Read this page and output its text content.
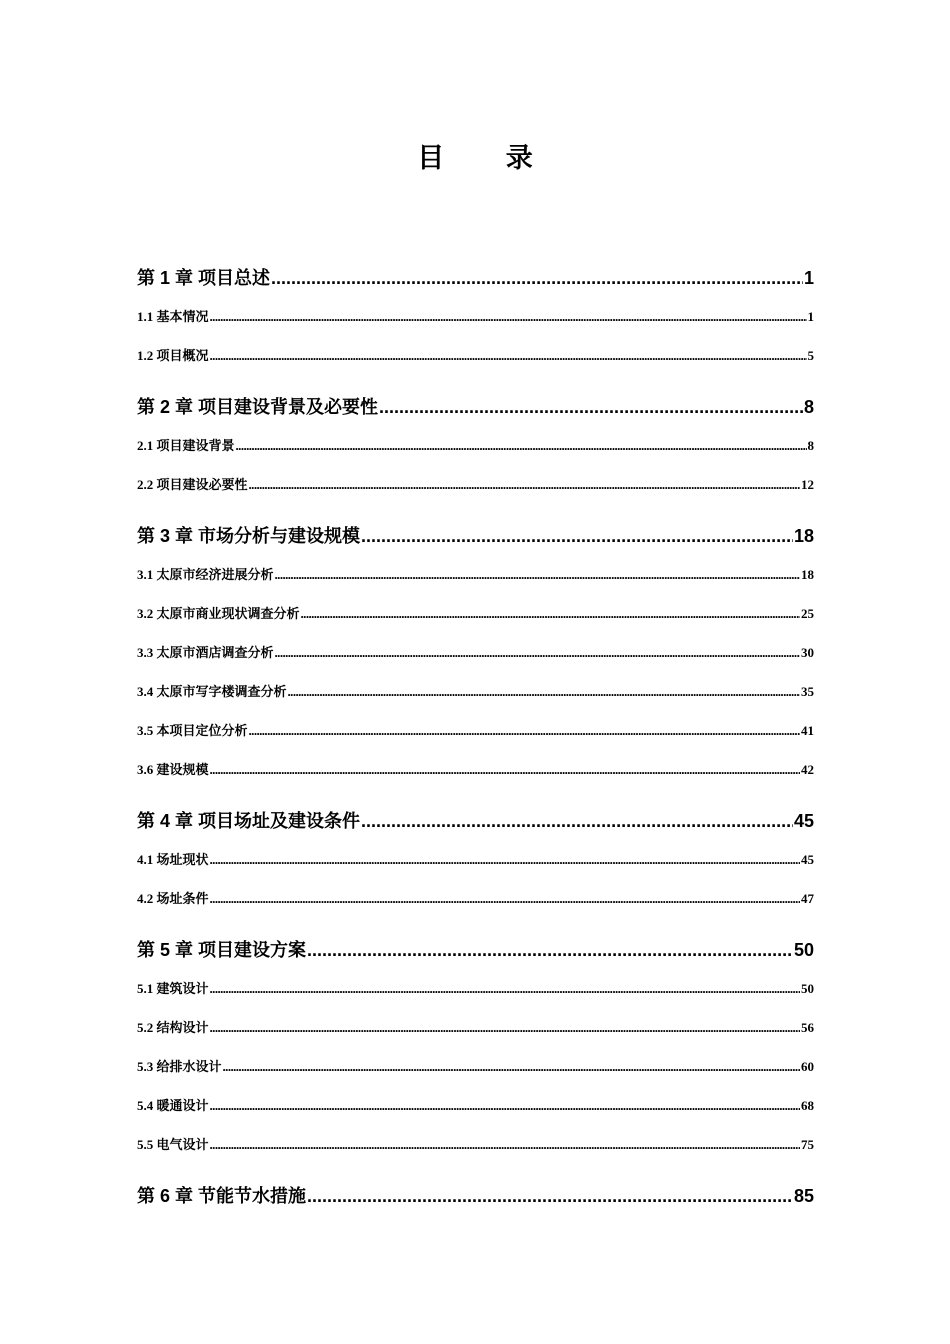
目 录
第 1 章 项目总述 .....	1
1.1 基本情况 .....	1
1.2 项目概况 .....	5
第 2 章 项目建设背景及必要性 .....	8
2.1 项目建设背景 .....	8
2.2 项目建设必要性 .....	12
第 3 章 市场分析与建设规模 .....	18
3.1 太原市经济进展分析 .....	18
3.2 太原市商业现状调查分析 .....	25
3.3 太原市酒店调查分析 .....	30
3.4 太原市写字楼调查分析 .....	35
3.5 本项目定位分析 .....	41
3.6 建设规模 .....	42
第 4 章 项目场址及建设条件 .....	45
4.1 场址现状 .....	45
4.2 场址条件 .....	47
第 5 章 项目建设方案 .....	50
5.1 建筑设计 .....	50
5.2 结构设计 .....	56
5.3 给排水设计 .....	60
5.4 暖通设计 .....	68
5.5 电气设计 .....	75
第 6 章 节能节水措施 .....	85
